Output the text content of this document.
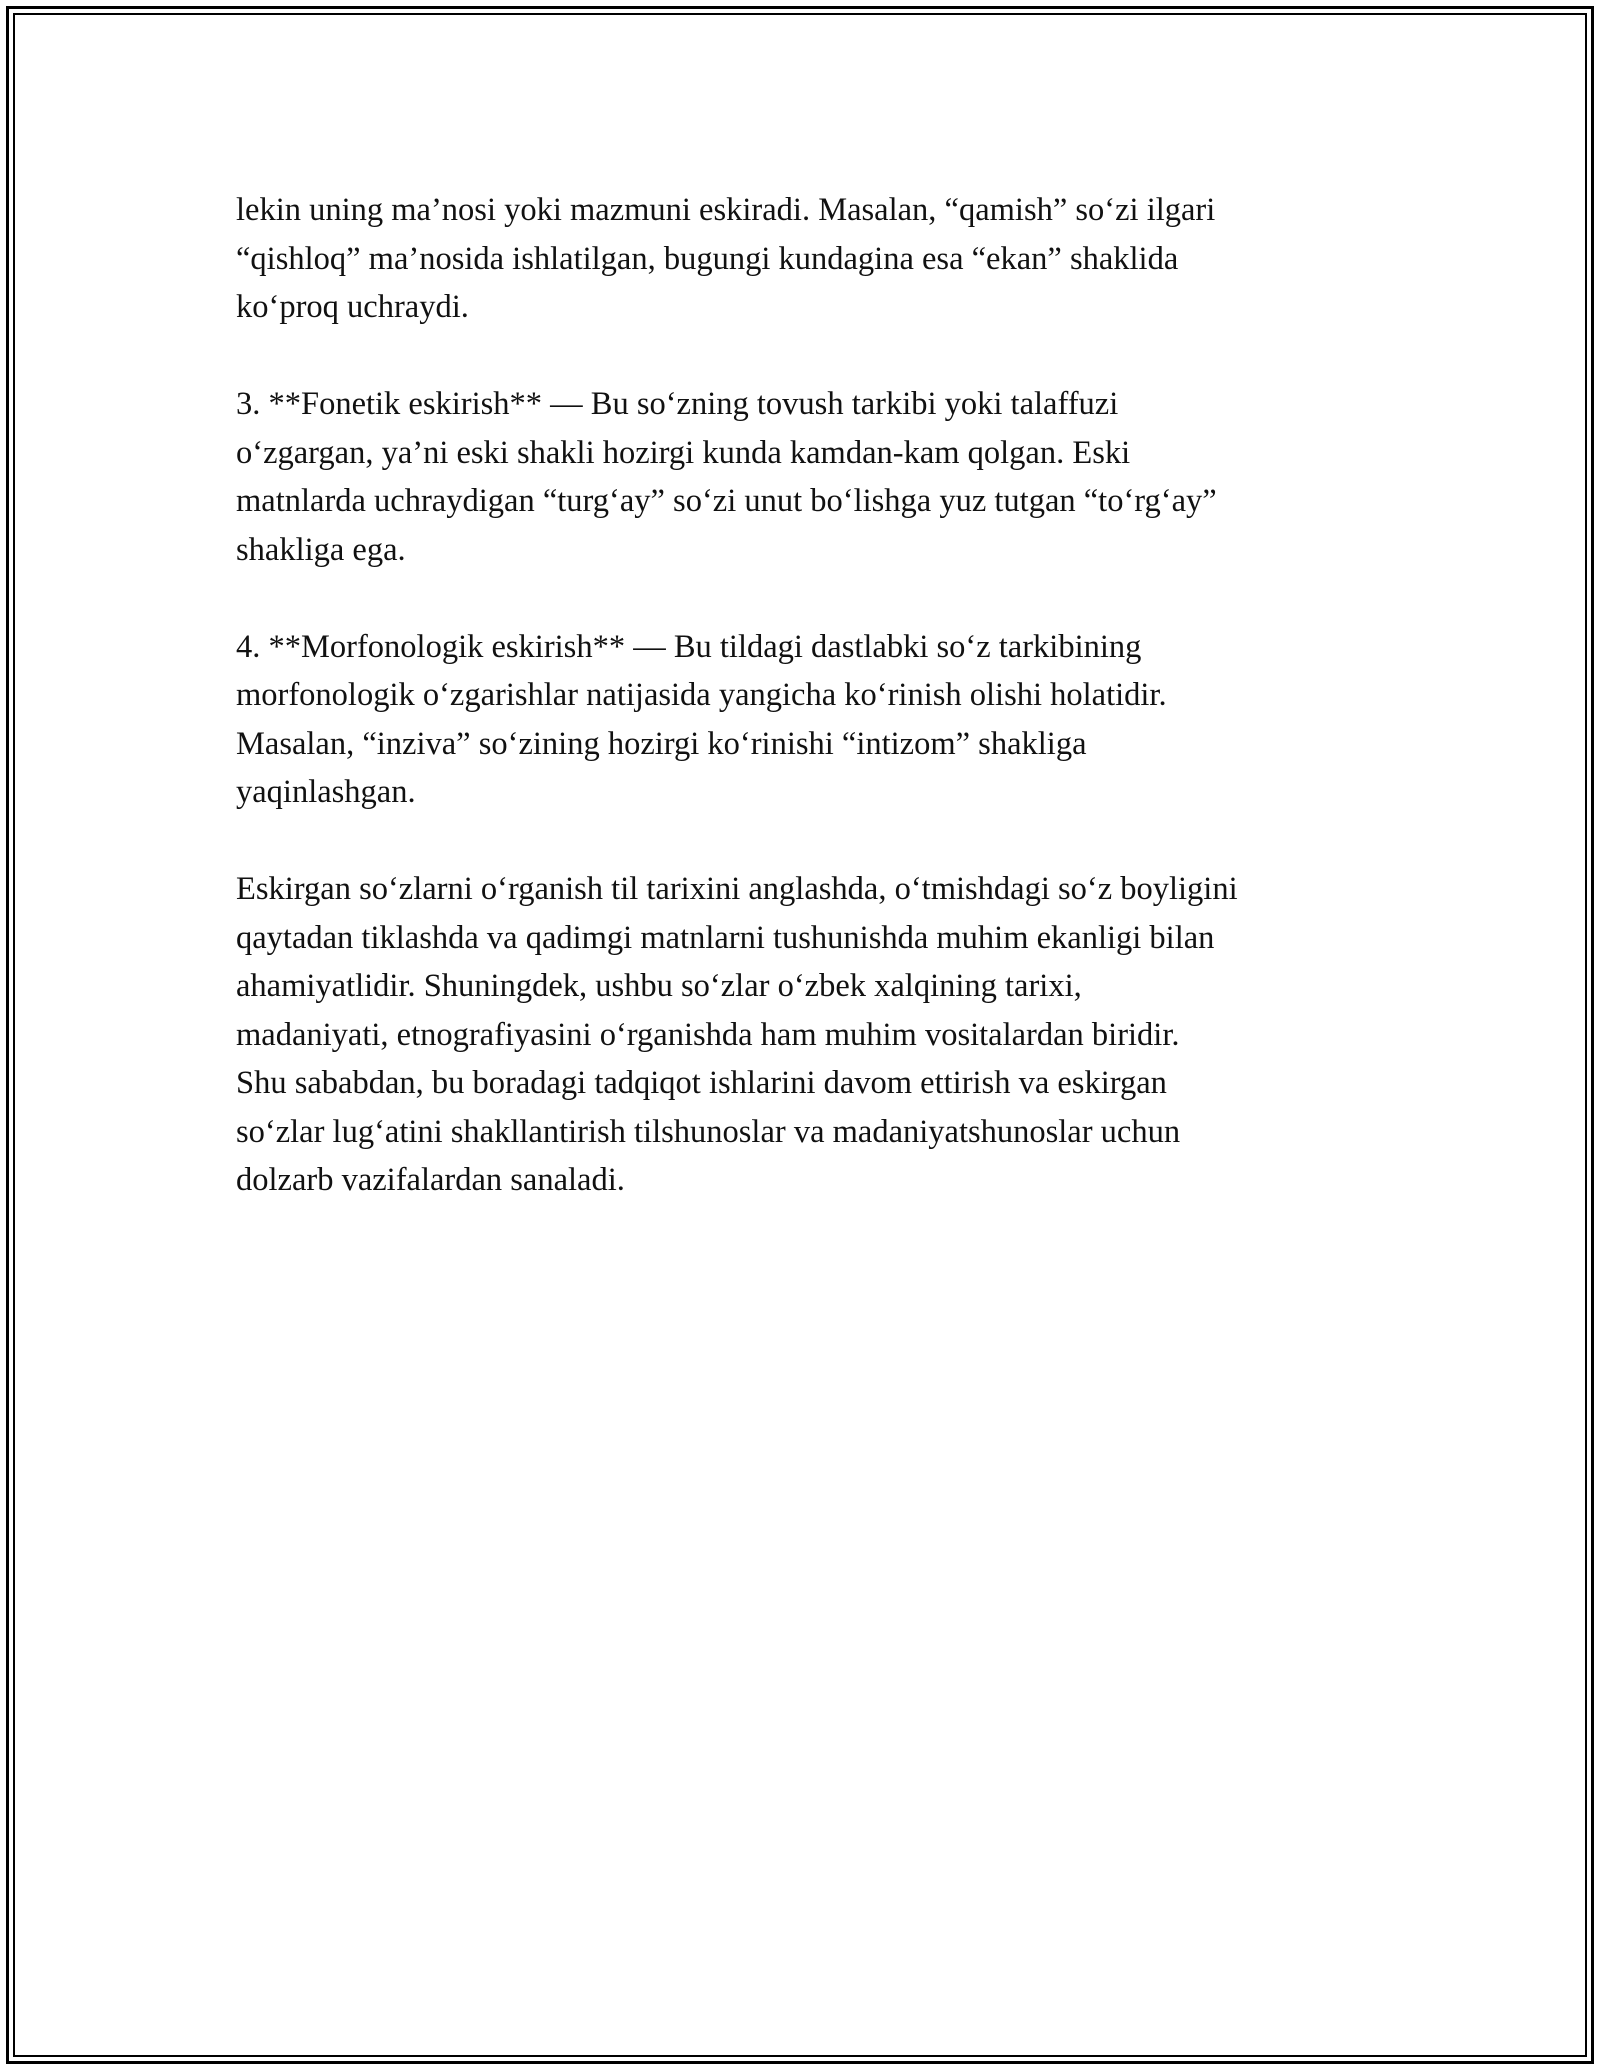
lekin uning ma’nosi yoki mazmuni eskiradi. Masalan, “qamish” so‘zi ilgari
“qishloq” ma’nosida ishlatilgan, bugungi kundagina esa “ekan” shaklida
ko‘proq uchraydi.

3. **Fonetik eskirish** — Bu so‘zning tovush tarkibi yoki talaffuzi
o‘zgargan, ya’ni eski shakli hozirgi kunda kamdan-kam qolgan. Eski
matnlarda uchraydigan “turg‘ay” so‘zi unut bo‘lishga yuz tutgan “to‘rg‘ay”
shakliga ega.

4. **Morfonologik eskirish** — Bu tildagi dastlabki so‘z tarkibining
morfonologik o‘zgarishlar natijasida yangicha ko‘rinish olishi holatidir.
Masalan, “inziva” so‘zining hozirgi ko‘rinishi “intizom” shakliga
yaqinlashgan.

Eskirgan so‘zlarni o‘rganish til tarixini anglashda, o‘tmishdagi so‘z boyligini
qaytadan tiklashda va qadimgi matnlarni tushunishda muhim ekanligi bilan
ahamiyatlidir. Shuningdek, ushbu so‘zlar o‘zbek xalqining tarixi,
madaniyati, etnografiyasini o‘rganishda ham muhim vositalardan biridir.
Shu sababdan, bu boradagi tadqiqot ishlarini davom ettirish va eskirgan
so‘zlar lug‘atini shakllantirish tilshunoslar va madaniyatshunoslar uchun
dolzarb vazifalardan sanaladi.
